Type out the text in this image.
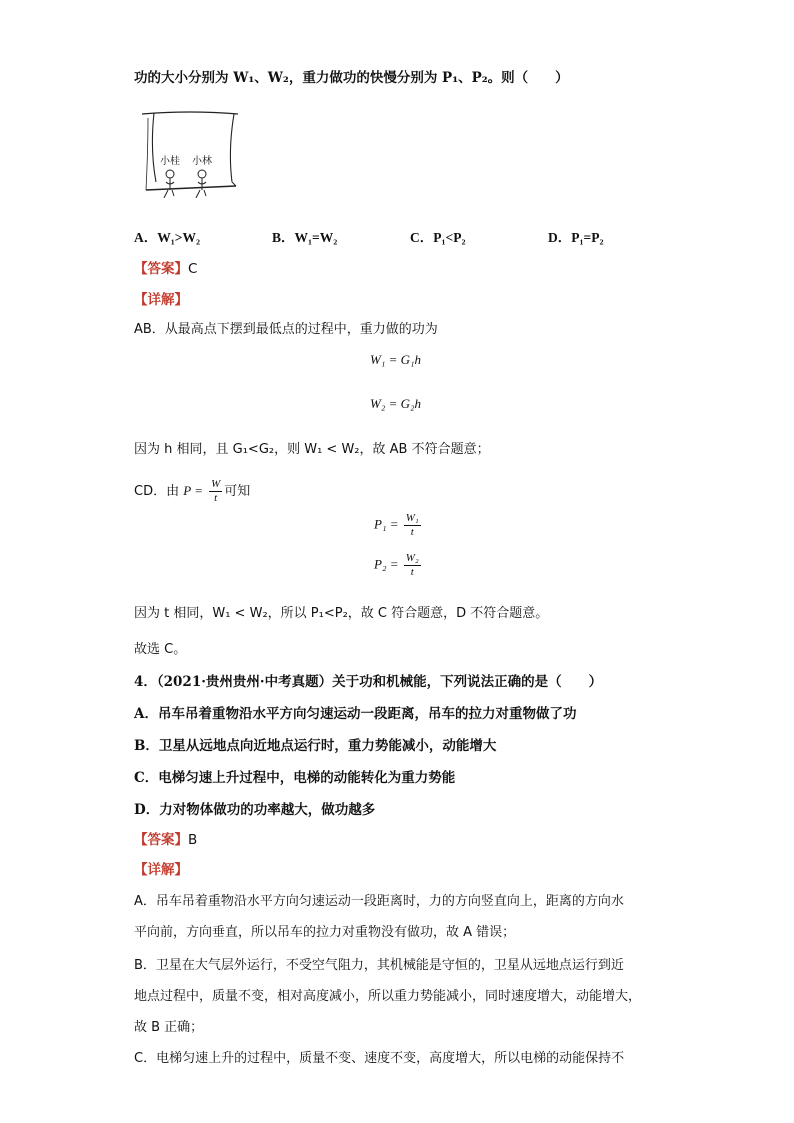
功的大小分别为 W₁、W₂，重力做功的快慢分别为 P₁、P₂。则（　　）
小桂 小林
A．W₁>W₂	B．W₁=W₂	C．P₁<P₂	D．P₁=P₂
【答案】C
【详解】
AB．从最高点下摆到最低点的过程中，重力做的功为
W₁ = G₁h
W₂ = G₂h
因为 h 相同，且 G₁<G₂，则 W₁ < W₂，故 AB 不符合题意；
CD．由 $P = \frac{W}{t}$ 可知
$P_1 = \frac{\text{W₁}}{t}$
$P_2 = \frac{\text{W₂}}{t}$
因为 t 相同，W₁ < W₂，所以 P₁<P₂，故 C 符合题意，D 不符合题意。
故选 C。
4．（2021·贵州贵州·中考真题）关于功和机械能，下列说法正确的是（　　）
A．吊车吊着重物沿水平方向匀速运动一段距离，吊车的拉力对重物做了功
B．卫星从远地点向近地点运行时，重力势能减小，动能增大
C．电梯匀速上升过程中，电梯的动能转化为重力势能
D．力对物体做功的功率越大，做功越多
【答案】B
【详解】
A．吊车吊着重物沿水平方向匀速运动一段距离时，力的方向竖直向上，距离的方向水
平向前，方向垂直，所以吊车的拉力对重物没有做功，故 A 错误；
B．卫星在大气层外运行，不受空气阻力，其机械能是守恒的，卫星从远地点运行到近
地点过程中，质量不变，相对高度减小，所以重力势能减小，同时速度增大，动能增大，
故 B 正确；
C．电梯匀速上升的过程中，质量不变、速度不变，高度增大，所以电梯的动能保持不
